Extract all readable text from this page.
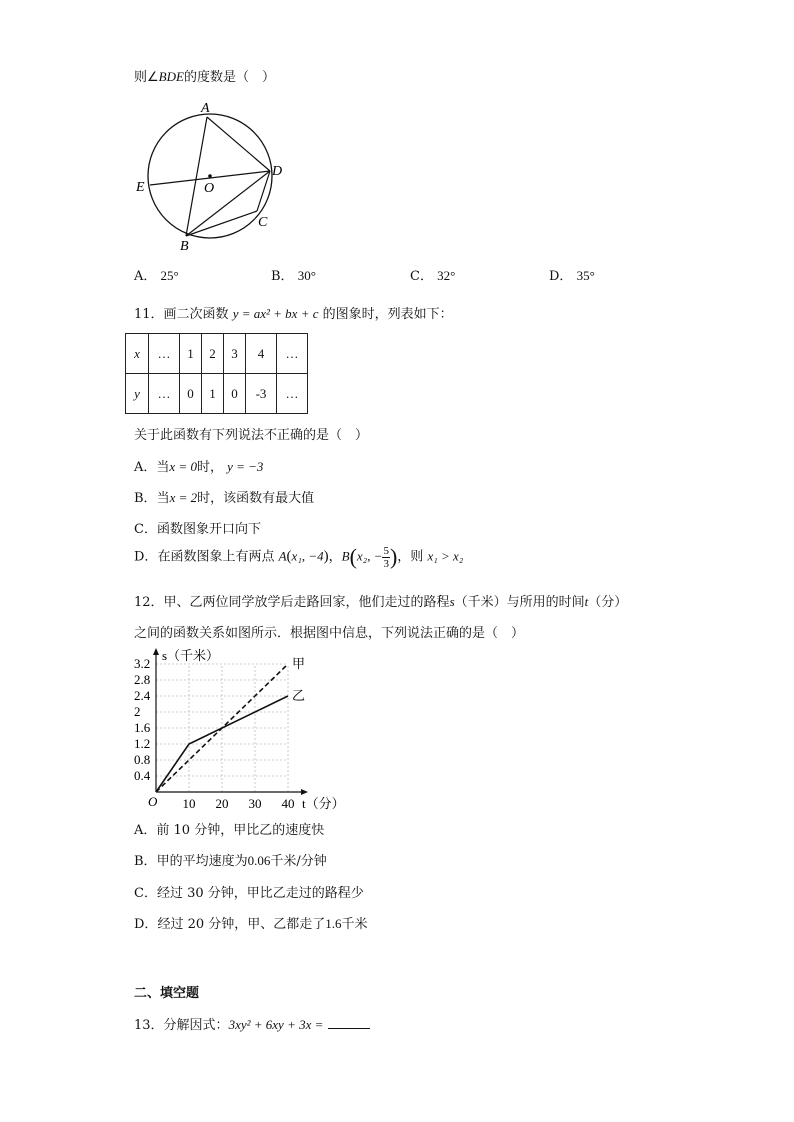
则∠BDE的度数是（　）
A
B
C
D
E	O
A． 25°	B． 30°	C． 32°	D． 35°
11．画二次函数 y = ax² + bx + c 的图象时，列表如下：
x	…	1	2	3	4	…
y	…	0	1	0	-3	…
关于此函数有下列说法不正确的是（　）
A．当x = 0时， y = −3
B．当x = 2时，该函数有最大值
C．函数图象开口向下
D．在函数图象上有两点 A(x₁, −4)，B(x₂, − $\frac{5}{3}$ )，则 x₁ > x₂
12．甲、乙两位同学放学后走路回家，他们走过的路程s（千米）与所用的时间t（分）
之间的函数关系如图所示．根据图中信息，下列说法正确的是（　）
10 20 30 40
0.4
0.8
1.2
1.6
2
2.4
2.8
3.2
s（千米）
t（分）
O
甲
乙
A．前 10 分钟，甲比乙的速度快
B．甲的平均速度为0.06千米/分钟
C．经过 30 分钟，甲比乙走过的路程少
D．经过 20 分钟，甲、乙都走了1.6千米
二、填空题
13．分解因式：3xy² + 6xy + 3x =
